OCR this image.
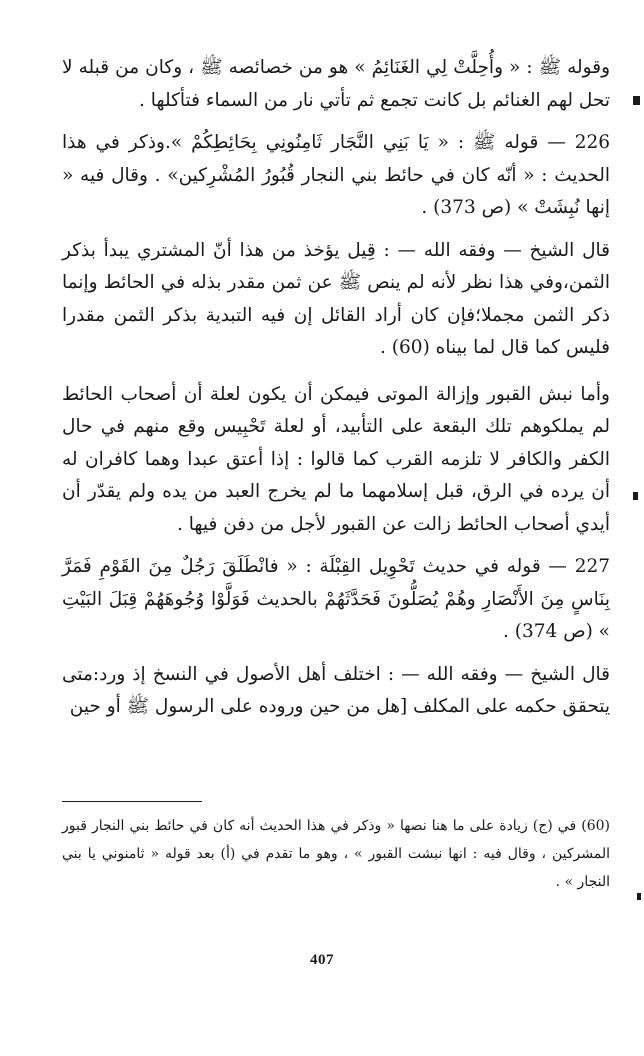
وقوله ﷺ : « وأُحِلَّتْ لِي الغَنَائِمُ » هو من خصائصه ﷺ ، وكان من قبله لا تحل لهم الغنائم بل كانت تجمع ثم تأتي نار من السماء فتأكلها .

226 — قوله ﷺ : « يَا بَنِي النَّجَار ثَامِنُونِي بِحَائِطِكُمْ ».وذكر في هذا الحديث : « أنّه كان في حائط بني النجار قُبُورُ المُشْرِكين» . وقال فيه « إنها نُبِشَتْ » (ص 373) .

قال الشيخ — وفقه الله — : قِيل يؤخذ من هذا أنّ المشتري يبدأ بذكر الثمن،وفي هذا نظر لأنه لم ينص ﷺ عن ثمن مقدر بذله في الحائط وإنما ذكر الثمن مجملا؛فإن كان أراد القائل إن فيه التبدية بذكر الثمن مقدرا فليس كما قال لما بيناه (60) .

وأما نبش القبور وإزالة الموتى فيمكن أن يكون لعلة أن أصحاب الحائط لم يملكوهم تلك البقعة على التأبيد، أو لعلة تَحْبِيس وقع منهم في حال الكفر والكافر لا تلزمه القرب كما قالوا : إذا أعتق عبدا وهما كافران له أن يرده في الرق، قبل إسلامهما ما لم يخرج العبد من يده ولم يقدّر أن أيدي أصحاب الحائط زالت عن القبور لأجل من دفن فيها .

227 — قوله في حديث تَحْوِيل القِبْلَة : « فانْطَلَقَ رَجُلٌ مِنَ القَوْمِ فَمَرَّ بِنَاسٍ مِنَ الأَنْصَارِ وهُمْ يُصَلُّونَ فَحَدَّثَهُمْ بالحديث فَوَلَّوْا وُجُوهَهُمْ قِبَلَ البَيْتِ » (ص 374) .

قال الشيخ — وفقه الله — : اختلف أهل الأصول في النسخ إذ ورد:متى يتحقق حكمه على المكلف [هل من حين وروده على الرسول ﷺ أو حين

(60) في (ج) زيادة على ما هنا نصها « وذكر في هذا الحديث أنه كان في حائط بني النجار قبور المشركين ، وقال فيه : انها نبشت القبور » ، وهو ما تقدم في (أ) بعد قوله « ثامنوني يا بني النجار » .
407
